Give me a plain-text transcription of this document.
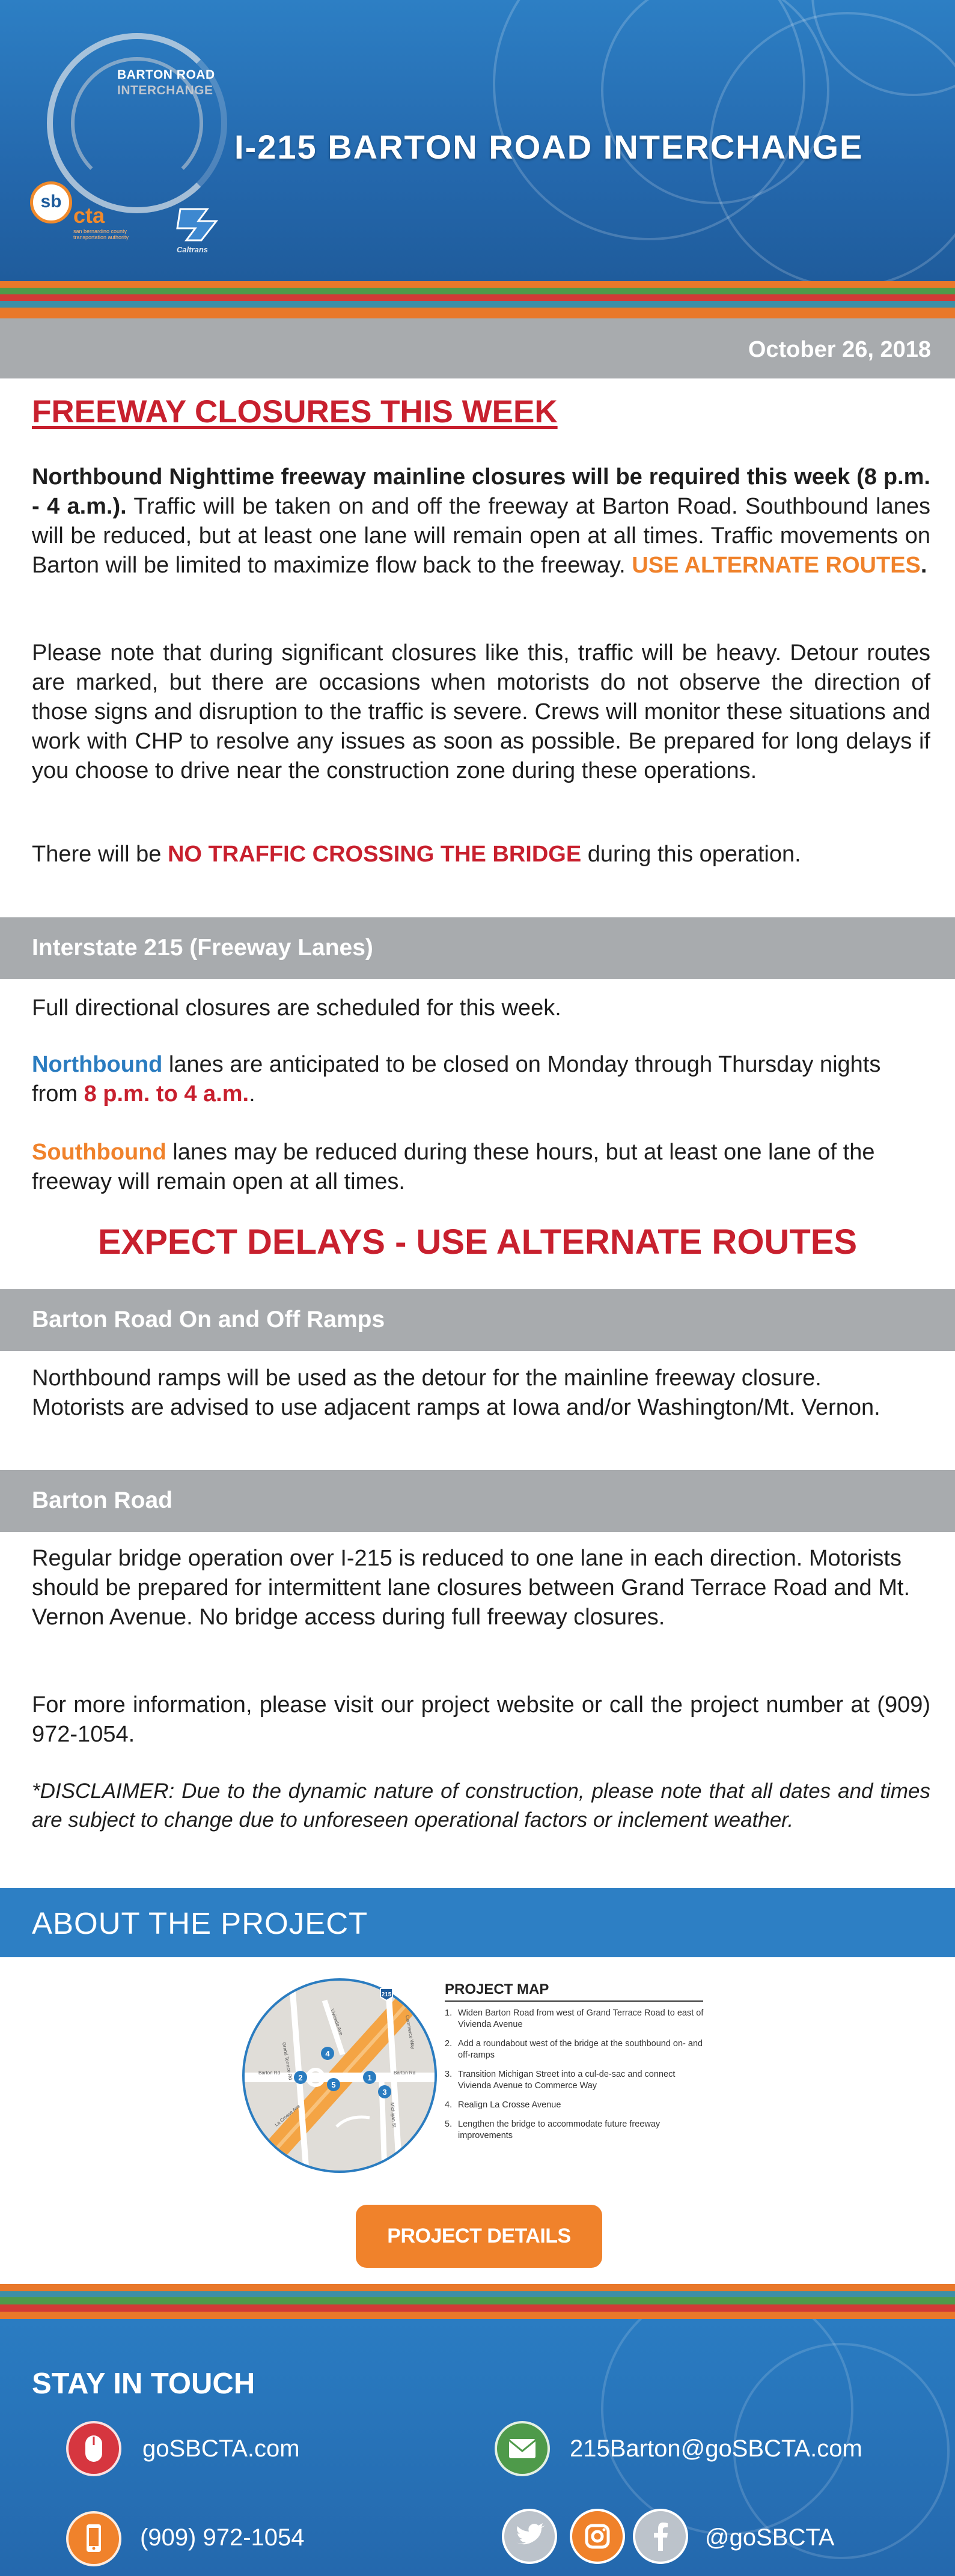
BARTON ROAD
INTERCHANGE
I-215 BARTON ROAD INTERCHANGE
sb
cta
san bernardino county transportation authority
Caltrans
October 26, 2018
FREEWAY CLOSURES THIS WEEK
Northbound Nighttime freeway mainline closures will be required this week (8 p.m. - 4 a.m.). Traffic will be taken on and off the freeway at Barton Road. Southbound lanes will be reduced, but at least one lane will remain open at all times. Traffic movements on Barton will be limited to maximize flow back to the freeway. USE ALTERNATE ROUTES.
Please note that during significant closures like this, traffic will be heavy. Detour routes are marked, but there are occasions when motorists do not observe the direction of those signs and disruption to the traffic is severe. Crews will monitor these situations and work with CHP to resolve any issues as soon as possible. Be prepared for long delays if you choose to drive near the construction zone during these operations.
There will be NO TRAFFIC CROSSING THE BRIDGE during this operation.
Interstate 215 (Freeway Lanes)
Full directional closures are scheduled for this week.
Northbound lanes are anticipated to be closed on Monday through Thursday nights from 8 p.m. to 4 a.m..
Southbound lanes may be reduced during these hours, but at least one lane of the freeway will remain open at all times.
EXPECT DELAYS - USE ALTERNATE ROUTES
Barton Road On and Off Ramps
Northbound ramps will be used as the detour for the mainline freeway closure. Motorists are advised to use adjacent ramps at Iowa and/or Washington/Mt. Vernon.
Barton Road
Regular bridge operation over I-215 is reduced to one lane in each direction. Motorists should be prepared for intermittent lane closures between Grand Terrace Road and Mt. Vernon Avenue. No bridge access during full freeway closures.
For more information, please visit our project website or call the project number at (909) 972-1054.
*DISCLAIMER: Due to the dynamic nature of construction, please note that all dates and times are subject to change due to unforeseen operational factors or inclement weather.
ABOUT THE PROJECT
215
1
2
3
4
5
Grand Terrace Rd
Barton Rd
La Crosse Ave
Barton Rd
Michigan St
Vivienda Ave	Commerce Way
PROJECT MAP
1. Widen Barton Road from west of Grand Terrace Road to east of Vivienda Avenue
2. Add a roundabout west of the bridge at the southbound on- and off-ramps
3. Transition Michigan Street into a cul-de-sac and connect Vivienda Avenue to Commerce Way
4. Realign La Crosse Avenue
5. Lengthen the bridge to accommodate future freeway improvements
PROJECT DETAILS
STAY IN TOUCH
goSBCTA.com	215Barton@goSBCTA.com
(909) 972-1054	@goSBCTA
